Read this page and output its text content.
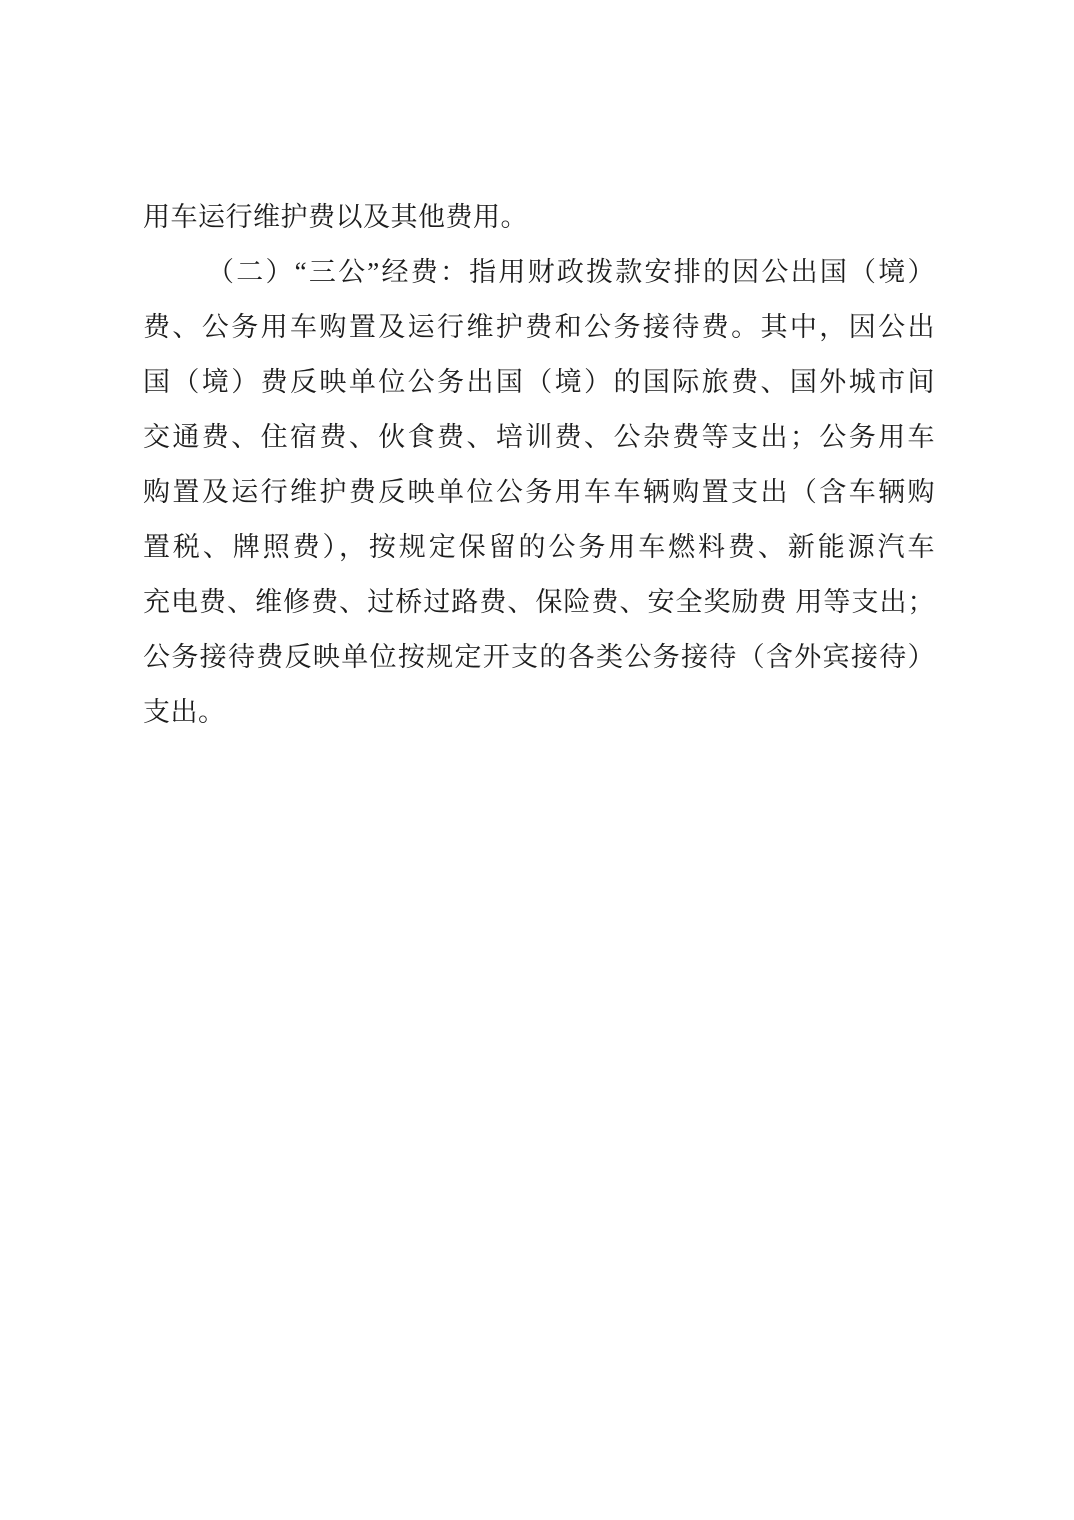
用车运行维护费以及其他费用。
（二）“三公”经费：指用财政拨款安排的因公出国（境）
费、公务用车购置及运行维护费和公务接待费。其中，因公出
国（境）费反映单位公务出国（境）的国际旅费、国外城市间
交通费、住宿费、伙食费、培训费、公杂费等支出；公务用车
购置及运行维护费反映单位公务用车车辆购置支出（含车辆购
置税、牌照费），按规定保留的公务用车燃料费、新能源汽车
充电费、维修费、过桥过路费、保险费、安全奖励费 用等支出；
公务接待费反映单位按规定开支的各类公务接待（含外宾接待）
支出。
